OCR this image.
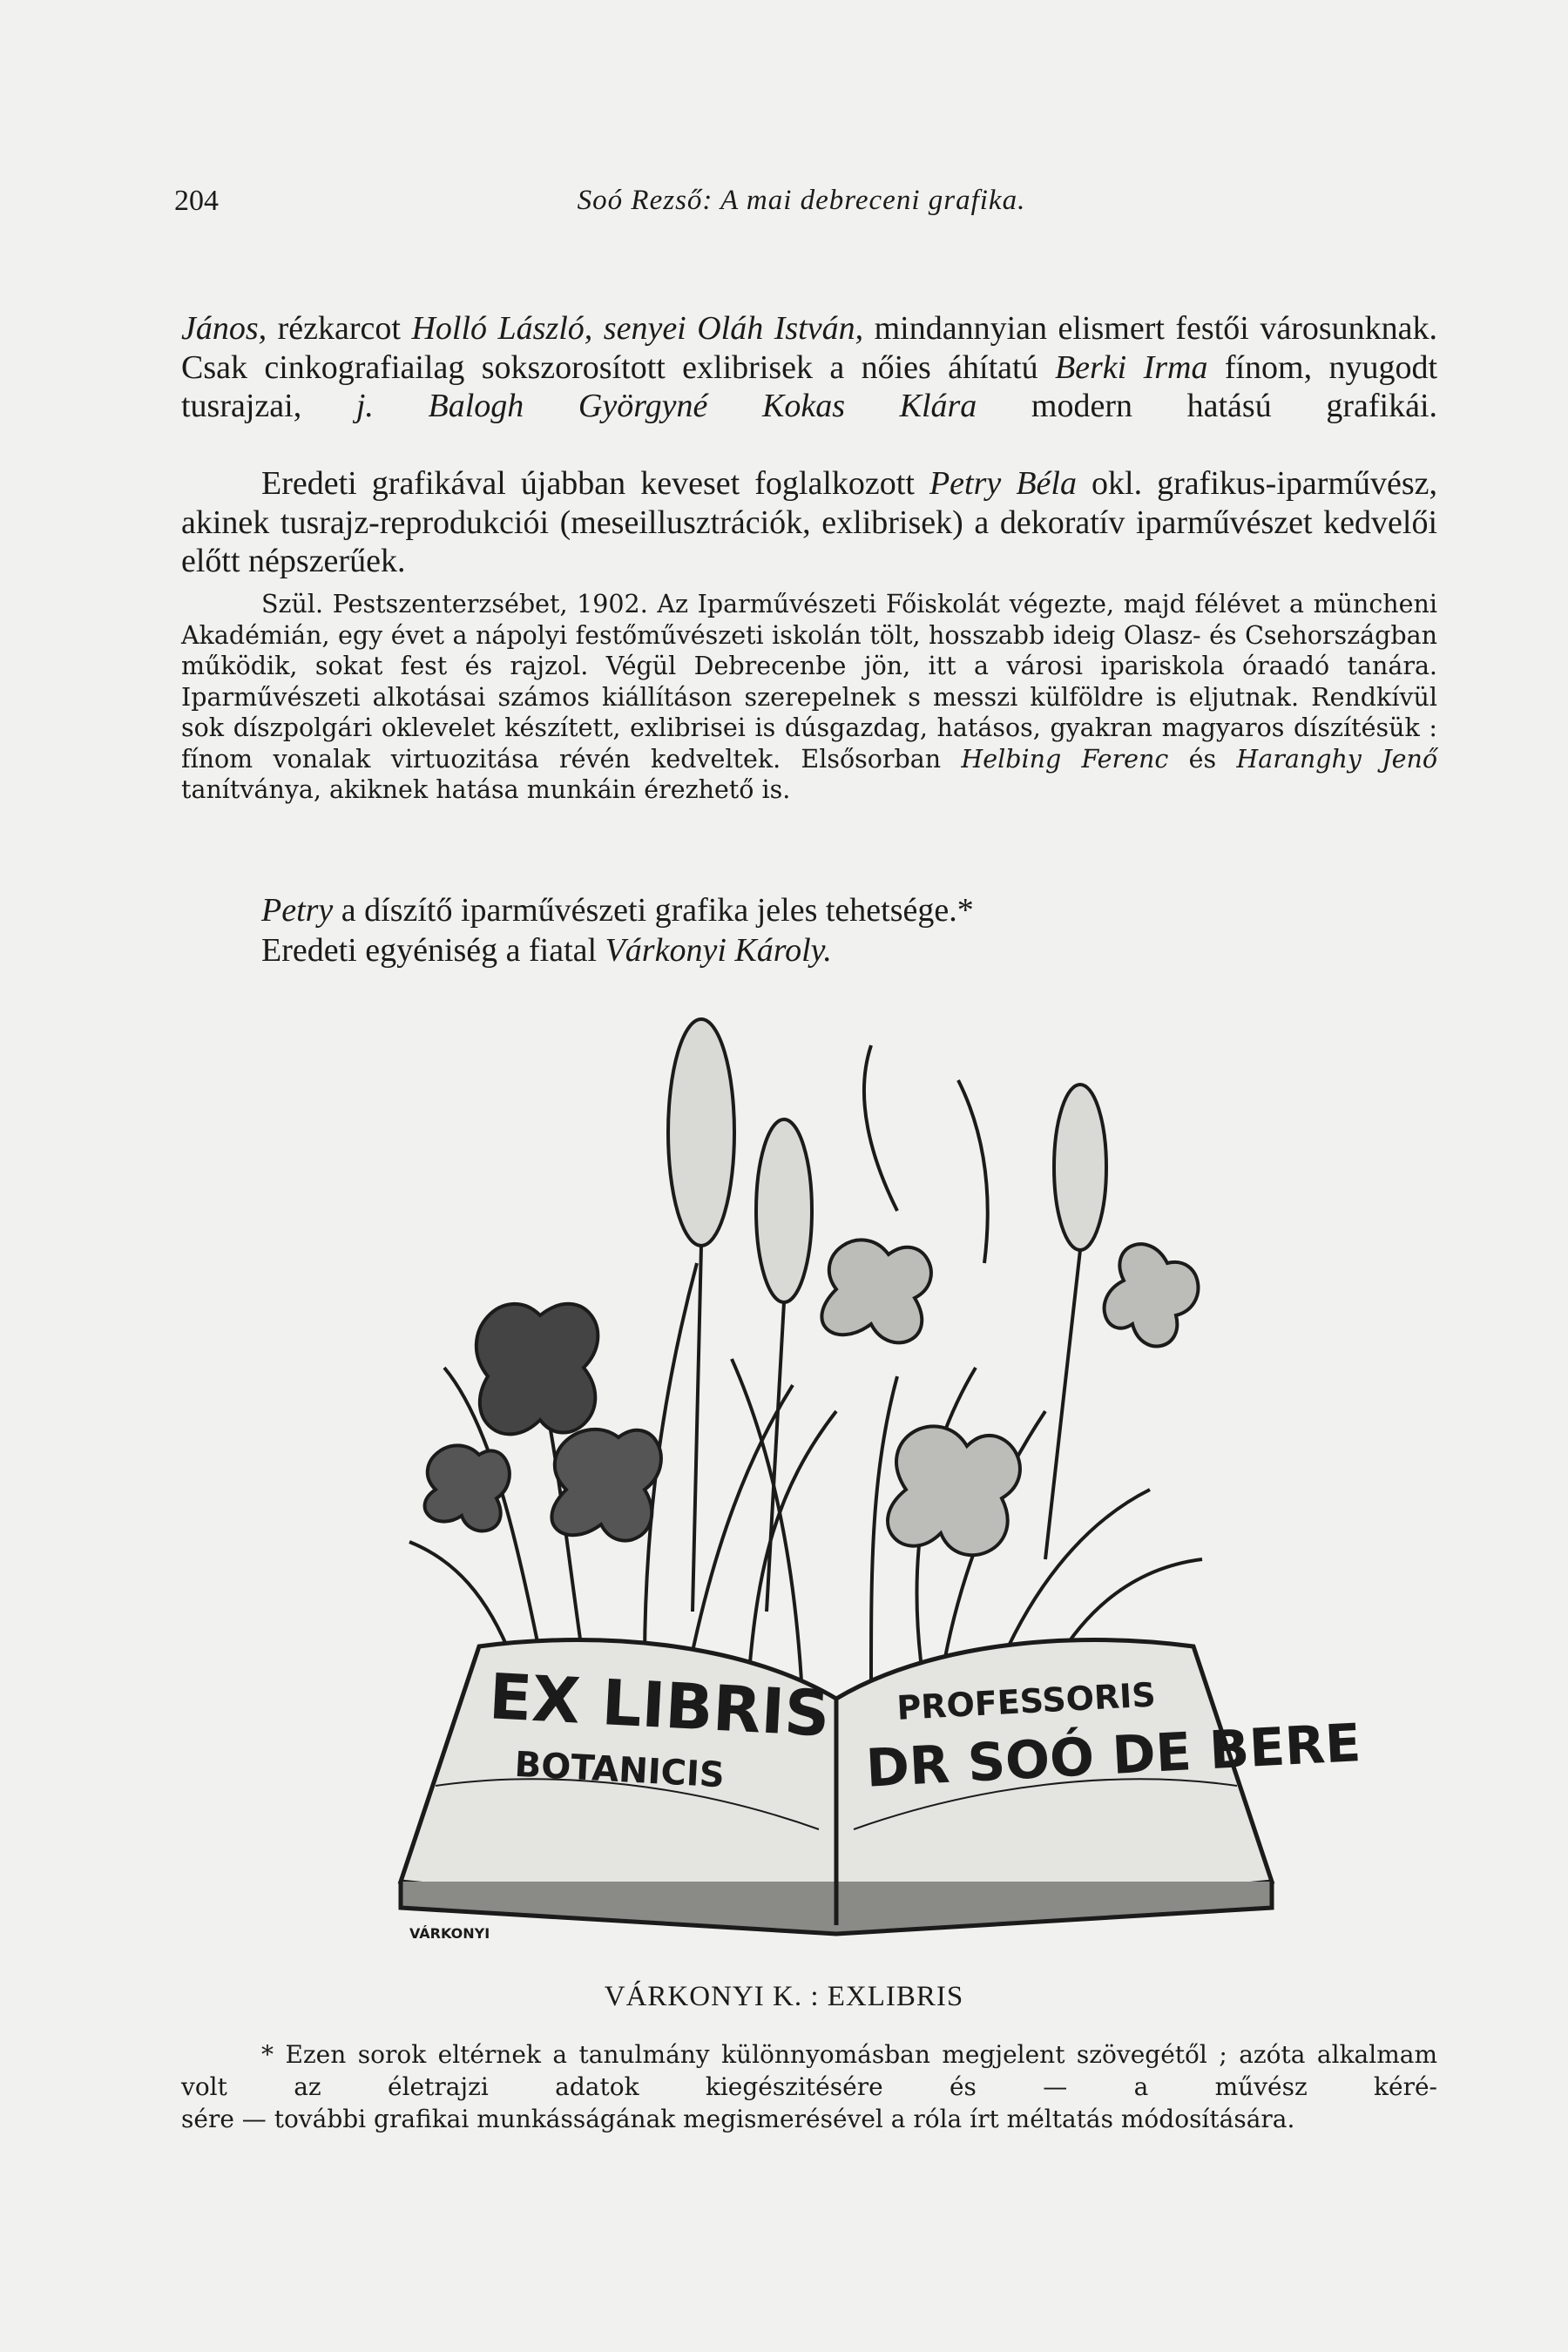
204	Soó Rezső: A mai debreceni grafika.

János, rézkarcot Holló László, senyei Oláh István, mindannyian elismert festői városunknak. Csak cinkografiailag sokszorosított exlibrisek a nőies áhítatú Berki Irma fínom, nyugodt tusrajzai, j. Balogh Györgyné Kokas Klára modern hatású grafikái.

Eredeti grafikával újabban keveset foglalkozott Petry Béla okl. grafikus-iparművész, akinek tusrajz-reprodukciói (meseillusztrációk, exlibrisek) a dekoratív iparművészet kedvelői előtt népszerűek.

Szül. Pestszenterzsébet, 1902. Az Iparművészeti Főiskolát végezte, majd félévet a müncheni Akadémián, egy évet a nápolyi festőművészeti iskolán tölt, hosszabb ideig Olasz- és Csehországban működik, sokat fest és rajzol. Végül Debrecenbe jön, itt a városi ipariskola óraadó tanára. Iparművészeti alkotásai számos kiállításon szerepelnek s messzi külföldre is eljutnak. Rendkívül sok díszpolgári oklevelet készített, exlibrisei is dúsgazdag, hatásos, gyakran magyaros díszítésük : fínom vonalak virtuozitása révén kedveltek. Elsősorban Helbing Ferenc és Haranghy Jenő tanítványa, akiknek hatása munkáin érezhető is.

Petry a díszítő iparművészeti grafika jeles tehetsége.*
Eredeti egyéniség a fiatal Várkonyi Károly.
EX LIBRIS
BOTANICIS
PROFESSORIS
DR SOÓ DE BERE
VÁRKONYI
VÁRKONYI K. : EXLIBRIS
* Ezen sorok eltérnek a tanulmány különnyomásban megjelent szövegétől ; azóta alkalmam volt az életrajzi adatok kiegészitésére és — a művész kéré-
sére — további grafikai munkásságának megismerésével a róla írt méltatás módosítására.
